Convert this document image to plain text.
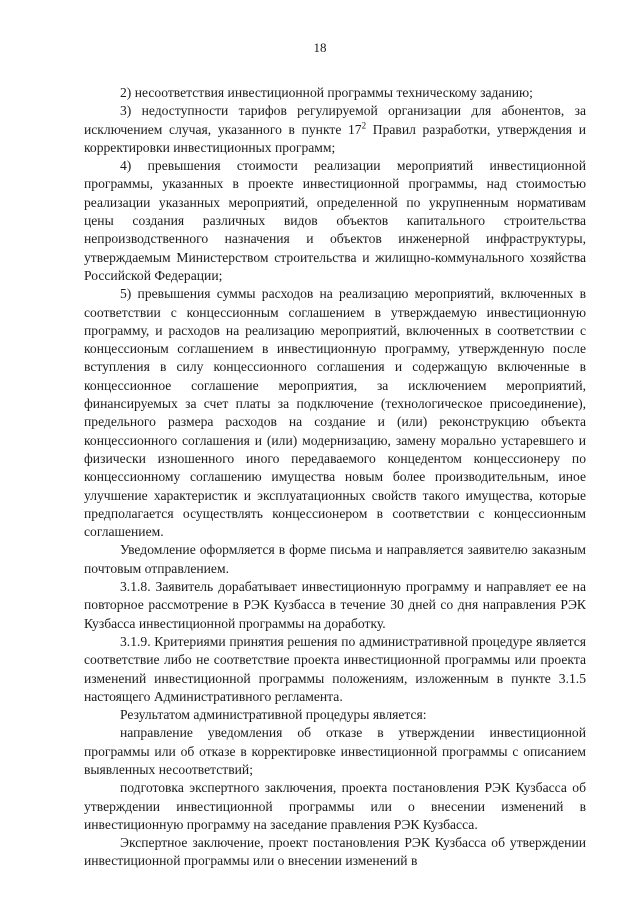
18

2) несоответствия инвестиционной программы техническому заданию;

3) недоступности тарифов регулируемой организации для абонентов, за исключением случая, указанного в пункте $17^2$ Правил разработки, утверждения и корректировки инвестиционных программ;

4) превышения стоимости реализации мероприятий инвестиционной программы, указанных в проекте инвестиционной программы, над стоимостью реализации указанных мероприятий, определенной по укрупненным нормативам цены создания различных видов объектов капитального строительства непроизводственного назначения и объектов инженерной инфраструктуры, утверждаемым Министерством строительства и жилищно-коммунального хозяйства Российской Федерации;

5) превышения суммы расходов на реализацию мероприятий, включенных в соответствии с концессионным соглашением в утверждаемую инвестиционную программу, и расходов на реализацию мероприятий, включенных в соответствии с концессионым соглашением в инвестиционную программу, утвержденную после вступления в силу концессионного соглашения и содержащую включенные в концессионное соглашение мероприятия, за исключением мероприятий, финансируемых за счет платы за подключение (технологическое присоединение), предельного размера расходов на создание и (или) реконструкцию объекта концессионного соглашения и (или) модернизацию, замену морально устаревшего и физически изношенного иного передаваемого концедентом концессионеру по концессионному соглашению имущества новым более производительным, иное улучшение характеристик и эксплуатационных свойств такого имущества, которые предполагается осуществлять концессионером в соответствии с концессионным соглашением.

Уведомление оформляется в форме письма и направляется заявителю заказным почтовым отправлением.

3.1.8. Заявитель дорабатывает инвестиционную программу и направляет ее на повторное рассмотрение в РЭК Кузбасса в течение 30 дней со дня направления РЭК Кузбасса инвестиционной программы на доработку.

3.1.9. Критериями принятия решения по административной процедуре является соответствие либо не соответствие проекта инвестиционной программы или проекта изменений инвестиционной программы положениям, изложенным в пункте 3.1.5 настоящего Административного регламента.

Результатом административной процедуры является:

направление уведомления об отказе в утверждении инвестиционной программы или об отказе в корректировке инвестиционной программы с описанием выявленных несоответствий;

подготовка экспертного заключения, проекта постановления РЭК Кузбасса об утверждении инвестиционной программы или о внесении изменений в инвестиционную программу на заседание правления РЭК Кузбасса.

Экспертное заключение, проект постановления РЭК Кузбасса об утверждении инвестиционной программы или о внесении изменений в
